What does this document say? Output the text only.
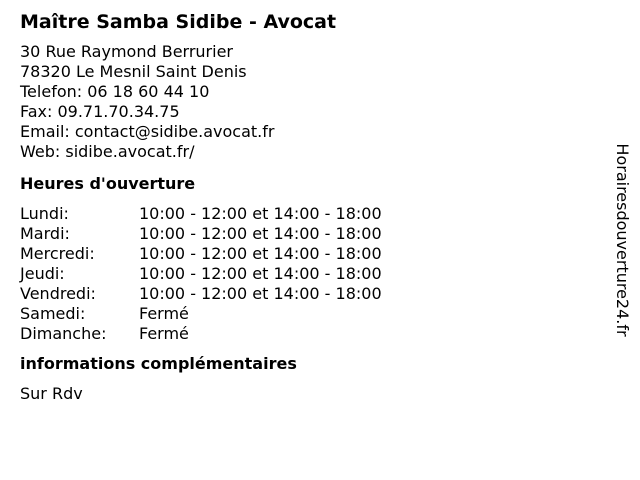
Maître Samba Sidibe - Avocat
30 Rue Raymond Berrurier
78320 Le Mesnil Saint Denis
Telefon: 06 18 60 44 10
Fax: 09.71.70.34.75
Email: contact@sidibe.avocat.fr
Web: sidibe.avocat.fr/
Heures d'ouverture
Lundi:	10:00 - 12:00 et 14:00 - 18:00
Mardi:	10:00 - 12:00 et 14:00 - 18:00
Mercredi:	10:00 - 12:00 et 14:00 - 18:00
Jeudi:	10:00 - 12:00 et 14:00 - 18:00
Vendredi:	10:00 - 12:00 et 14:00 - 18:00
Samedi:	Fermé
Dimanche:	Fermé
informations complémentaires
Sur Rdv
Horairesdouverture24.fr
